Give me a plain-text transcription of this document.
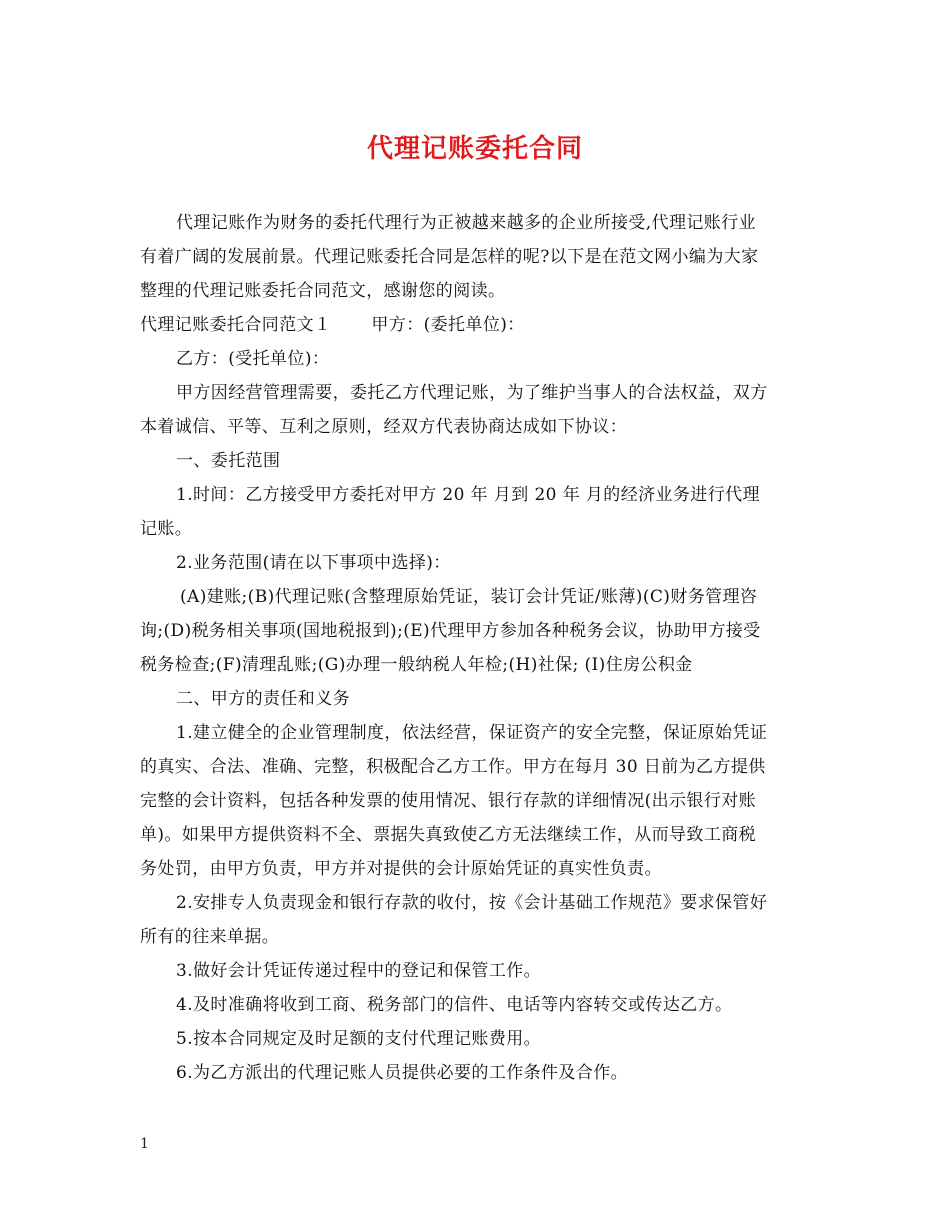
代理记账委托合同
代理记账作为财务的委托代理行为正被越来越多的企业所接受,代理记账行业
有着广阔的发展前景。代理记账委托合同是怎样的呢?以下是在范文网小编为大家
整理的代理记账委托合同范文，感谢您的阅读。
代理记账委托合同范文１ 甲方：(委托单位)：
乙方：(受托单位)：
甲方因经营管理需要，委托乙方代理记账，为了维护当事人的合法权益，双方
本着诚信、平等、互利之原则，经双方代表协商达成如下协议：
一、委托范围
1.时间：乙方接受甲方委托对甲方 20 年 月到 20 年 月的经济业务进行代理
记账。
2.业务范围(请在以下事项中选择)：
(A)建账;(B)代理记账(含整理原始凭证，装订会计凭证/账薄)(C)财务管理咨
询;(D)税务相关事项(国地税报到);(E)代理甲方参加各种税务会议，协助甲方接受
税务检查;(F)清理乱账;(G)办理一般纳税人年检;(H)社保; (I)住房公积金
二、甲方的责任和义务
1.建立健全的企业管理制度，依法经营，保证资产的安全完整，保证原始凭证
的真实、合法、准确、完整，积极配合乙方工作。甲方在每月 30 日前为乙方提供
完整的会计资料，包括各种发票的使用情况、银行存款的详细情况(出示银行对账
单)。如果甲方提供资料不全、票据失真致使乙方无法继续工作，从而导致工商税
务处罚，由甲方负责，甲方并对提供的会计原始凭证的真实性负责。
2.安排专人负责现金和银行存款的收付，按《会计基础工作规范》要求保管好
所有的往来单据。
3.做好会计凭证传递过程中的登记和保管工作。
4.及时准确将收到工商、税务部门的信件、电话等内容转交或传达乙方。
5.按本合同规定及时足额的支付代理记账费用。
6.为乙方派出的代理记账人员提供必要的工作条件及合作。
1
